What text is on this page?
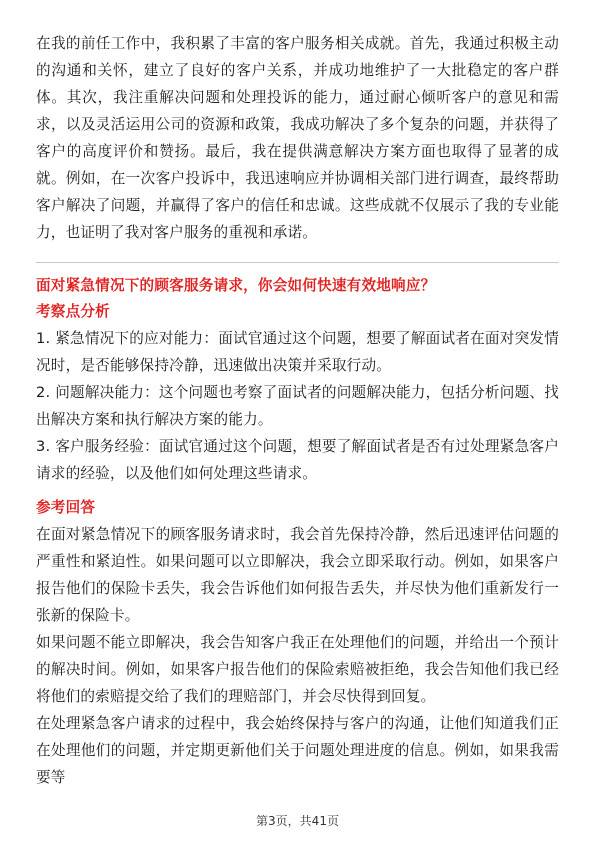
在我的前任工作中，我积累了丰富的客户服务相关成就。首先，我通过积极主动的沟通和关怀，建立了良好的客户关系，并成功地维护了一大批稳定的客户群体。其次，我注重解决问题和处理投诉的能力，通过耐心倾听客户的意见和需求，以及灵活运用公司的资源和政策，我成功解决了多个复杂的问题，并获得了客户的高度评价和赞扬。最后，我在提供满意解决方案方面也取得了显著的成就。例如，在一次客户投诉中，我迅速响应并协调相关部门进行调查，最终帮助客户解决了问题，并赢得了客户的信任和忠诚。这些成就不仅展示了我的专业能力，也证明了我对客户服务的重视和承诺。

面对紧急情况下的顾客服务请求，你会如何快速有效地响应？

考察点分析

1. 紧急情况下的应对能力：面试官通过这个问题，想要了解面试者在面对突发情况时，是否能够保持冷静，迅速做出决策并采取行动。

2. 问题解决能力：这个问题也考察了面试者的问题解决能力，包括分析问题、找出解决方案和执行解决方案的能力。

3. 客户服务经验：面试官通过这个问题，想要了解面试者是否有过处理紧急客户请求的经验，以及他们如何处理这些请求。

参考回答

在面对紧急情况下的顾客服务请求时，我会首先保持冷静，然后迅速评估问题的严重性和紧迫性。如果问题可以立即解决，我会立即采取行动。例如，如果客户报告他们的保险卡丢失，我会告诉他们如何报告丢失，并尽快为他们重新发行一张新的保险卡。

如果问题不能立即解决，我会告知客户我正在处理他们的问题，并给出一个预计的解决时间。例如，如果客户报告他们的保险索赔被拒绝，我会告知他们我已经将他们的索赔提交给了我们的理赔部门，并会尽快得到回复。

在处理紧急客户请求的过程中，我会始终保持与客户的沟通，让他们知道我们正在处理他们的问题，并定期更新他们关于问题处理进度的信息。例如，如果我需要等

第3页，共41页
